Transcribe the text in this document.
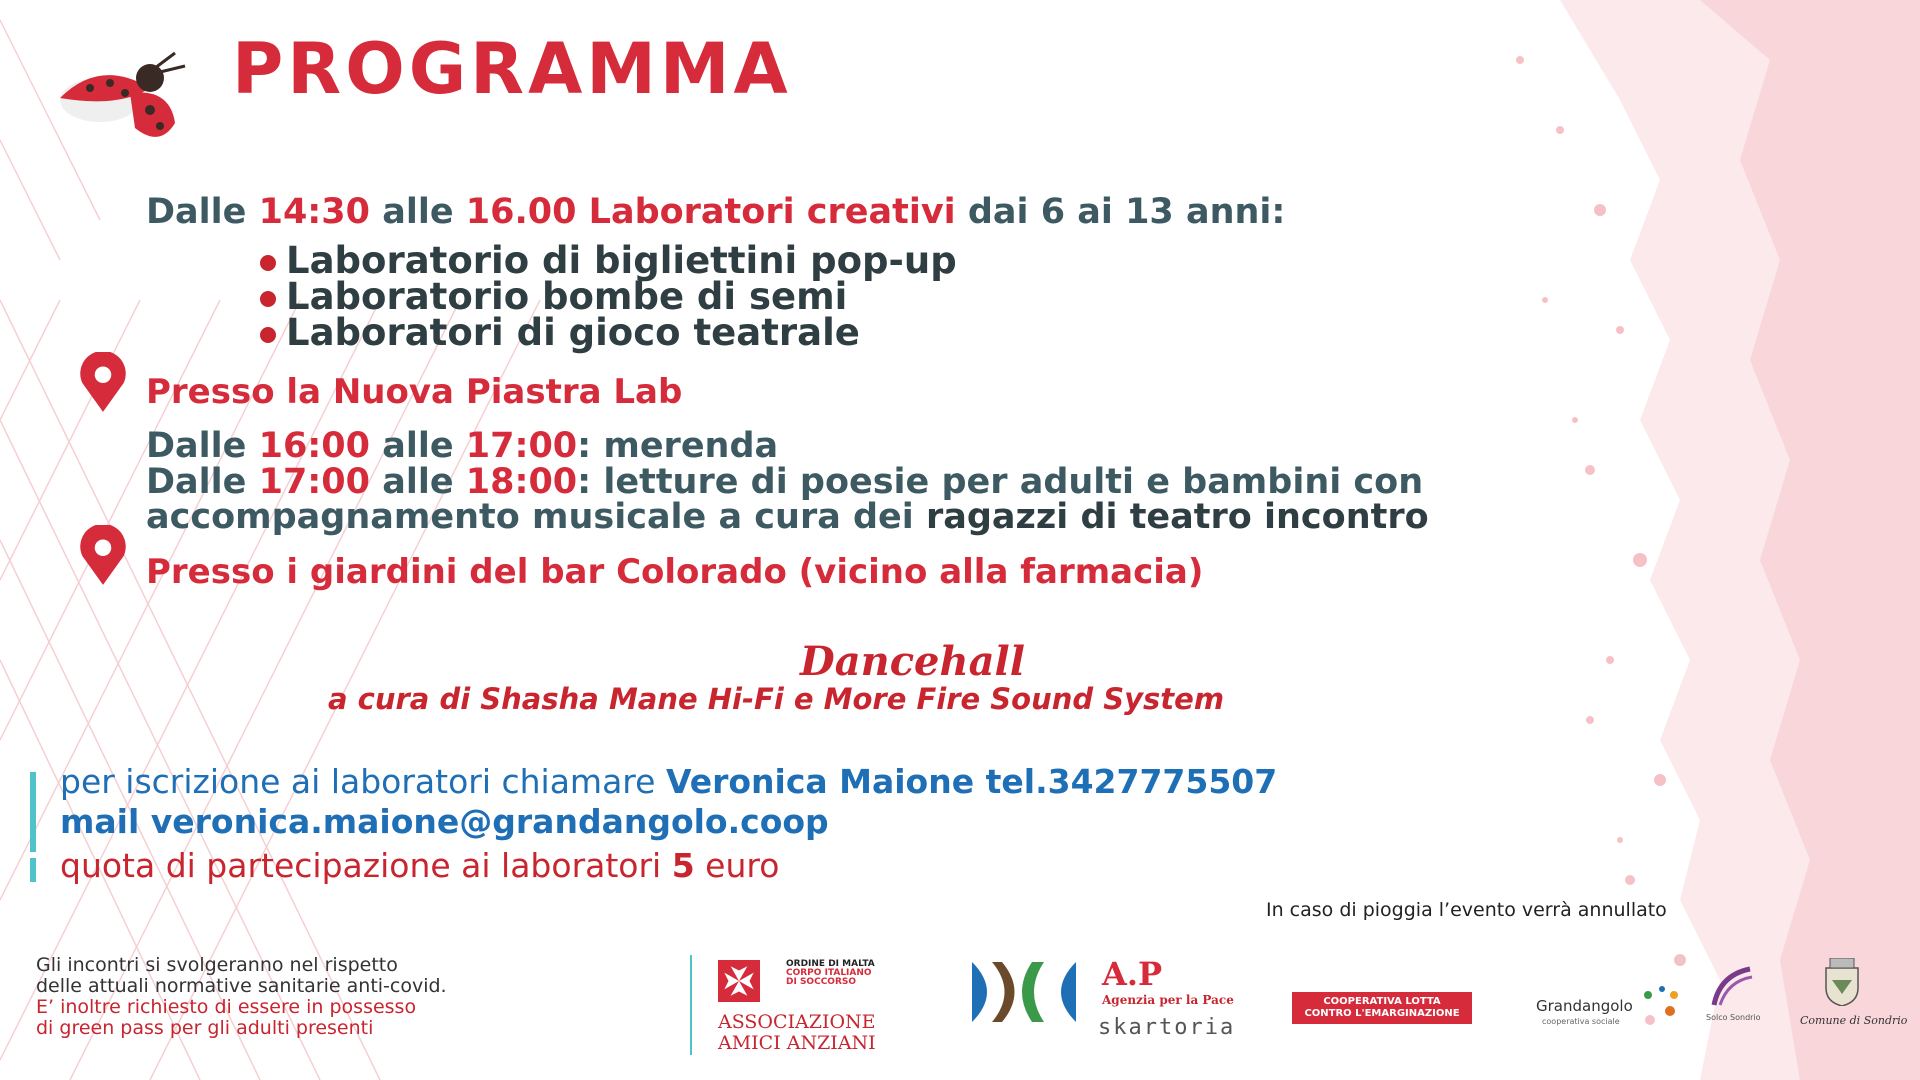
PROGRAMMA
Dalle 14:30 alle 16.00 Laboratori creativi dai 6 ai 13 anni:
Laboratorio di bigliettini pop-up
Laboratorio bombe di semi
Laboratori di gioco teatrale
Presso la Nuova Piastra Lab
Dalle 16:00 alle 17:00: merenda
Dalle 17:00 alle 18:00: letture di poesie per adulti e bambini con
accompagnamento musicale a cura dei ragazzi di teatro incontro
Presso i giardini del bar Colorado (vicino alla farmacia)
Dancehall
a cura di Shasha Mane Hi-Fi e More Fire Sound System
per iscrizione ai laboratori chiamare Veronica Maione tel.3427775507
mail veronica.maione@grandangolo.coop
quota di partecipazione ai laboratori 5 euro
In caso di pioggia l’evento verrà annullato
Gli incontri si svolgeranno nel rispetto
delle attuali normative sanitarie anti-covid.
E’ inoltre richiesto di essere in possesso
di green pass per gli adulti presenti
ORDINE DI MALTA
CORPO ITALIANO
DI SOCCORSO
ASSOCIAZIONE
AMICI ANZIANI
A.P
Agenzia per la Pace
skartoria
COOPERATIVA LOTTA
CONTRO L'EMARGINAZIONE	Grandangolo
cooperativa sociale	Solco Sondrio	Comune di Sondrio
